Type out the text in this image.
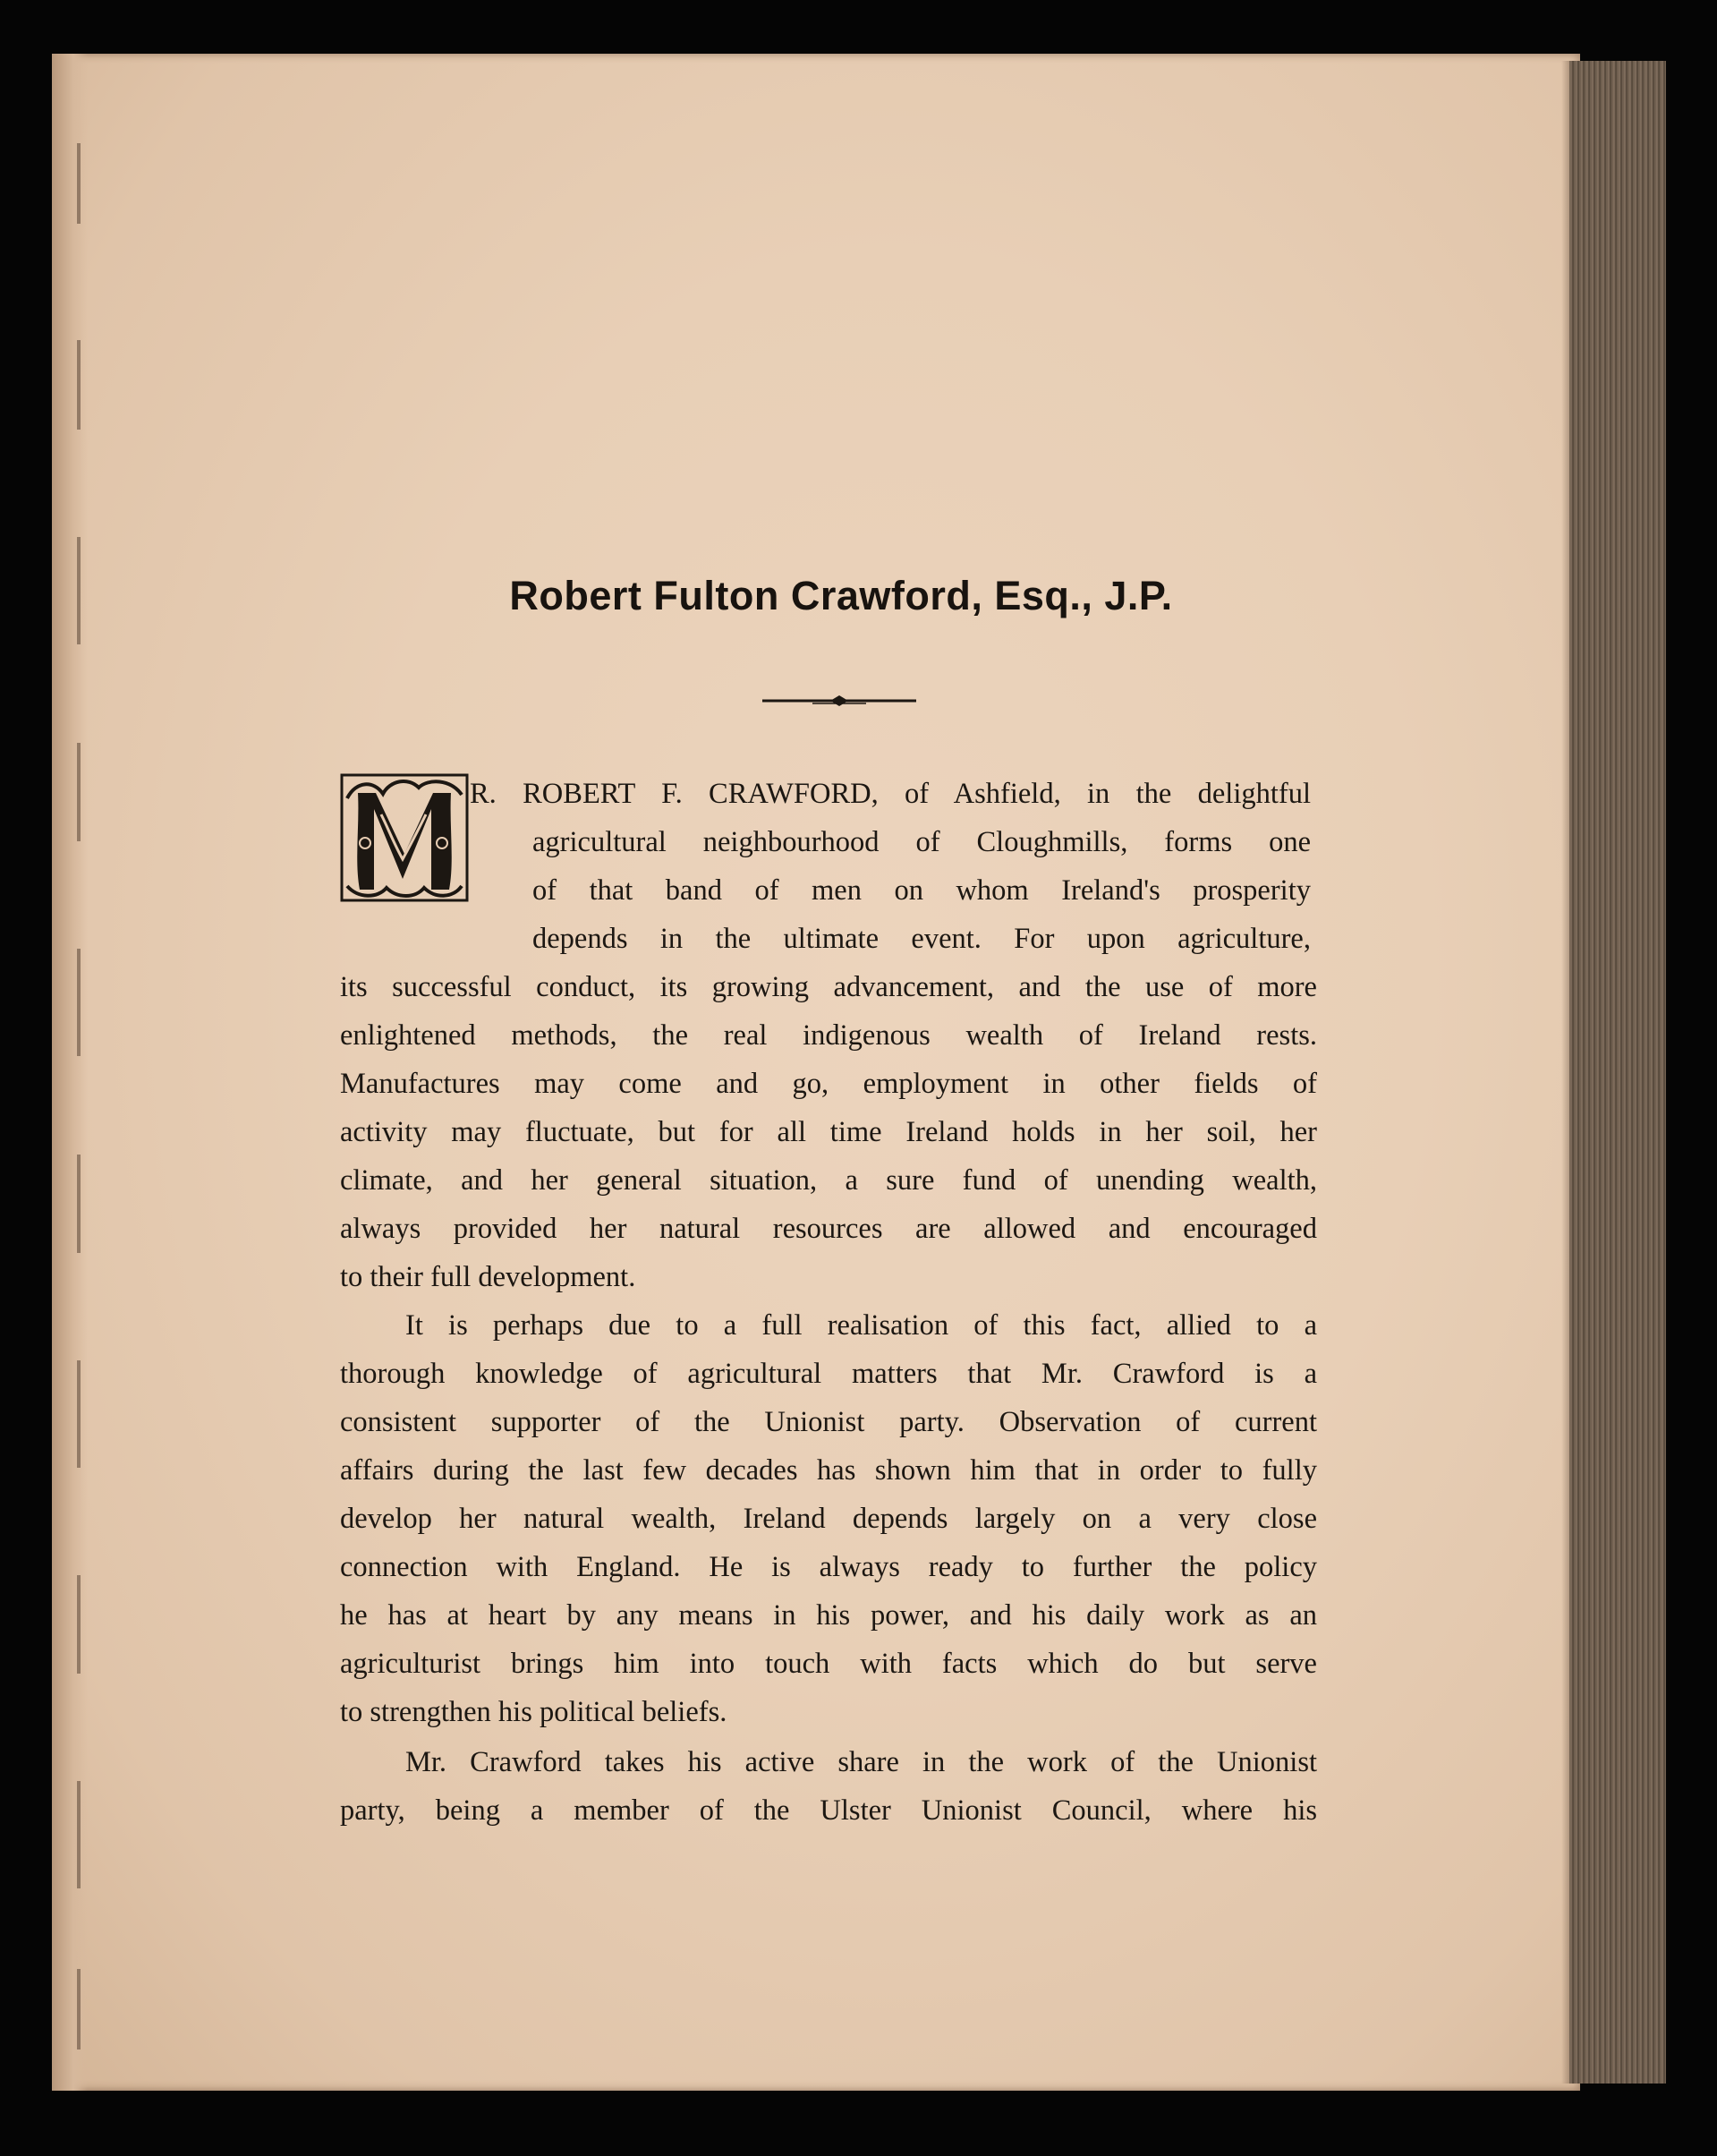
Robert Fulton Crawford, Esq., J.P.
R. ROBERT F. CRAWFORD, of Ashfield, in the delightful
agricultural neighbourhood of Cloughmills, forms one
of that band of men on whom Ireland's prosperity
depends in the ultimate event. For upon agriculture,
its successful conduct, its growing advancement, and the use of more
enlightened methods, the real indigenous wealth of Ireland rests.
Manufactures may come and go, employment in other fields of
activity may fluctuate, but for all time Ireland holds in her soil, her
climate, and her general situation, a sure fund of unending wealth,
always provided her natural resources are allowed and encouraged
to their full development.
It is perhaps due to a full realisation of this fact, allied to a
thorough knowledge of agricultural matters that Mr. Crawford is a
consistent supporter of the Unionist party. Observation of current
affairs during the last few decades has shown him that in order to fully
develop her natural wealth, Ireland depends largely on a very close
connection with England. He is always ready to further the policy
he has at heart by any means in his power, and his daily work as an
agriculturist brings him into touch with facts which do but serve
to strengthen his political beliefs.
Mr. Crawford takes his active share in the work of the Unionist
party, being a member of the Ulster Unionist Council, where his
